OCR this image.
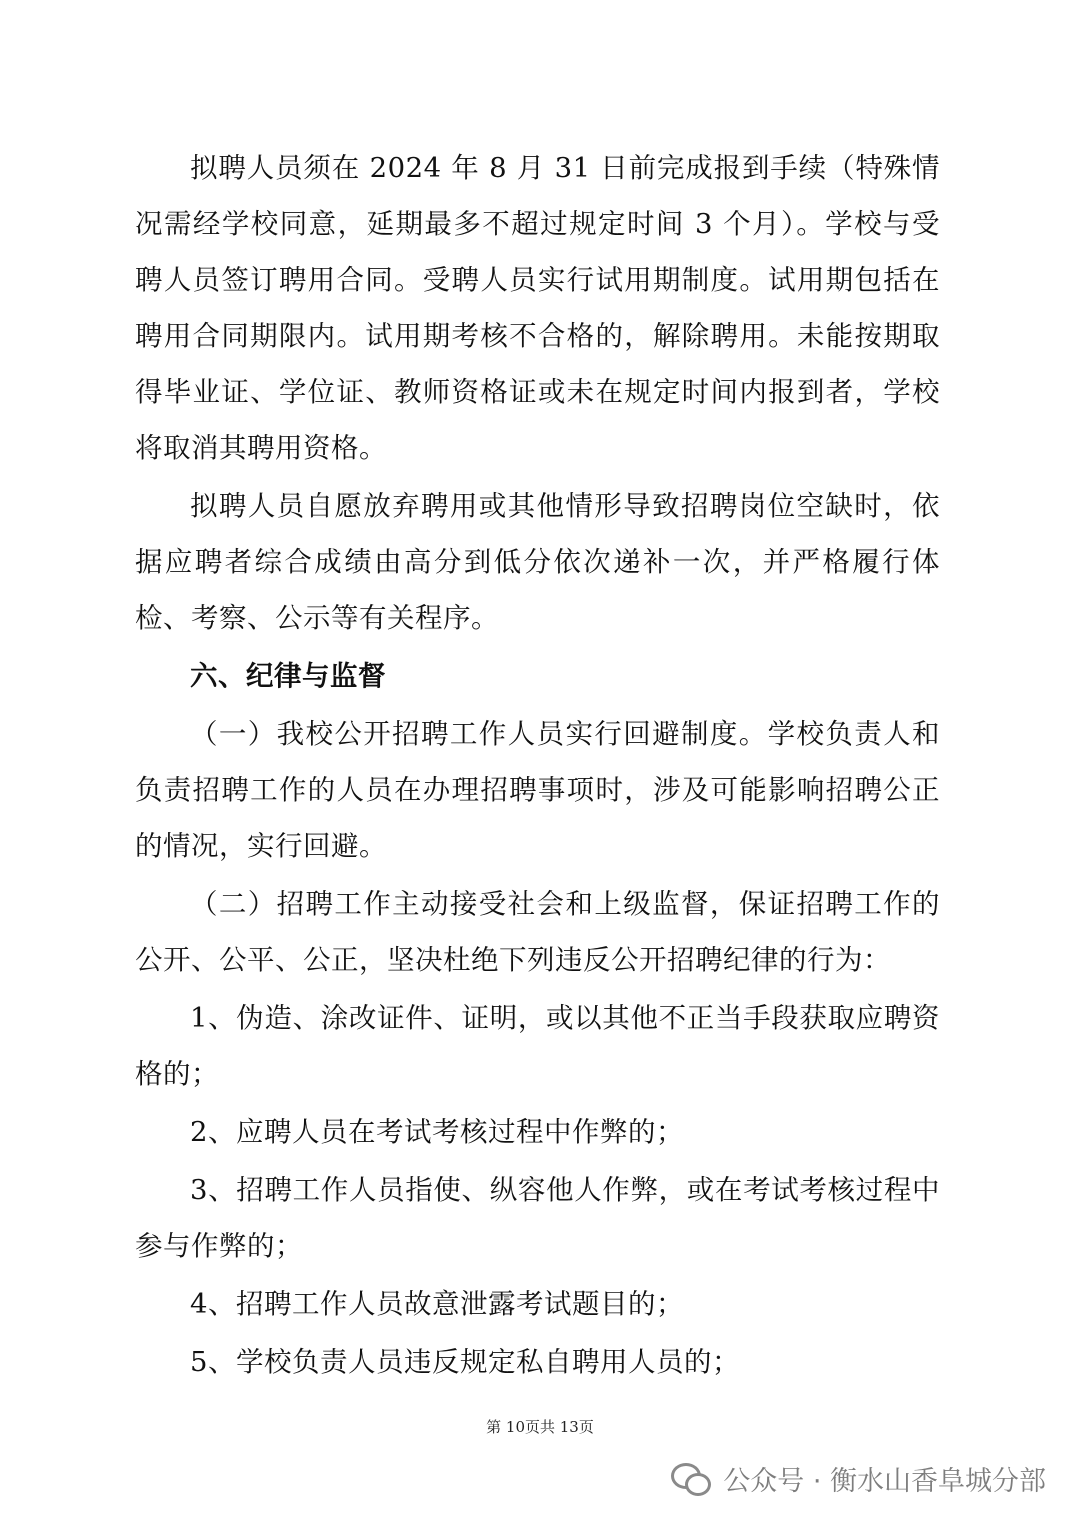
拟聘人员须在 2024 年 8 月 31 日前完成报到手续（特殊情况需经学校同意，延期最多不超过规定时间 3 个月）。学校与受聘人员签订聘用合同。受聘人员实行试用期制度。试用期包括在聘用合同期限内。试用期考核不合格的，解除聘用。未能按期取得毕业证、学位证、教师资格证或未在规定时间内报到者，学校将取消其聘用资格。

拟聘人员自愿放弃聘用或其他情形导致招聘岗位空缺时，依据应聘者综合成绩由高分到低分依次递补一次，并严格履行体检、考察、公示等有关程序。

六、纪律与监督

（一）我校公开招聘工作人员实行回避制度。学校负责人和负责招聘工作的人员在办理招聘事项时，涉及可能影响招聘公正的情况，实行回避。

（二）招聘工作主动接受社会和上级监督，保证招聘工作的公开、公平、公正，坚决杜绝下列违反公开招聘纪律的行为：

1、伪造、涂改证件、证明，或以其他不正当手段获取应聘资格的；

2、应聘人员在考试考核过程中作弊的；

3、招聘工作人员指使、纵容他人作弊，或在考试考核过程中参与作弊的；

4、招聘工作人员故意泄露考试题目的；

5、学校负责人员违反规定私自聘用人员的；

第 10页共 13页
公众号 · 衡水山香阜城分部
